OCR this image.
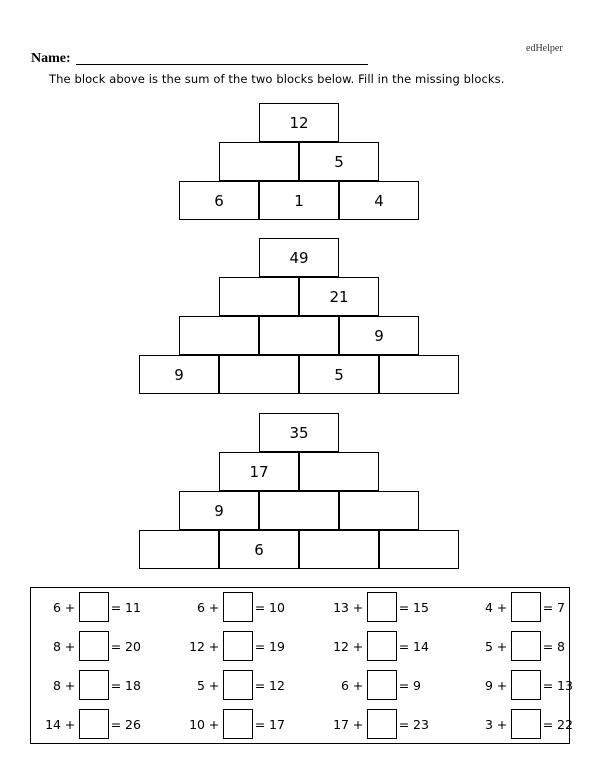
edHelper
Name:
The block above is the sum of the two blocks below. Fill in the missing blocks.
12
5
6	1	4
49
21
9
9	5
35
17
9
6
6 +	= 11	6 +	= 10	13 +	= 15	4 +	= 7
8 +	= 20	12 +	= 19	12 +	= 14	5 +	= 8
8 +	= 18	5 +	= 12	6 +	= 9	9 +	= 13
14 +	= 26	10 +	= 17	17 +	= 23	3 +	= 22
